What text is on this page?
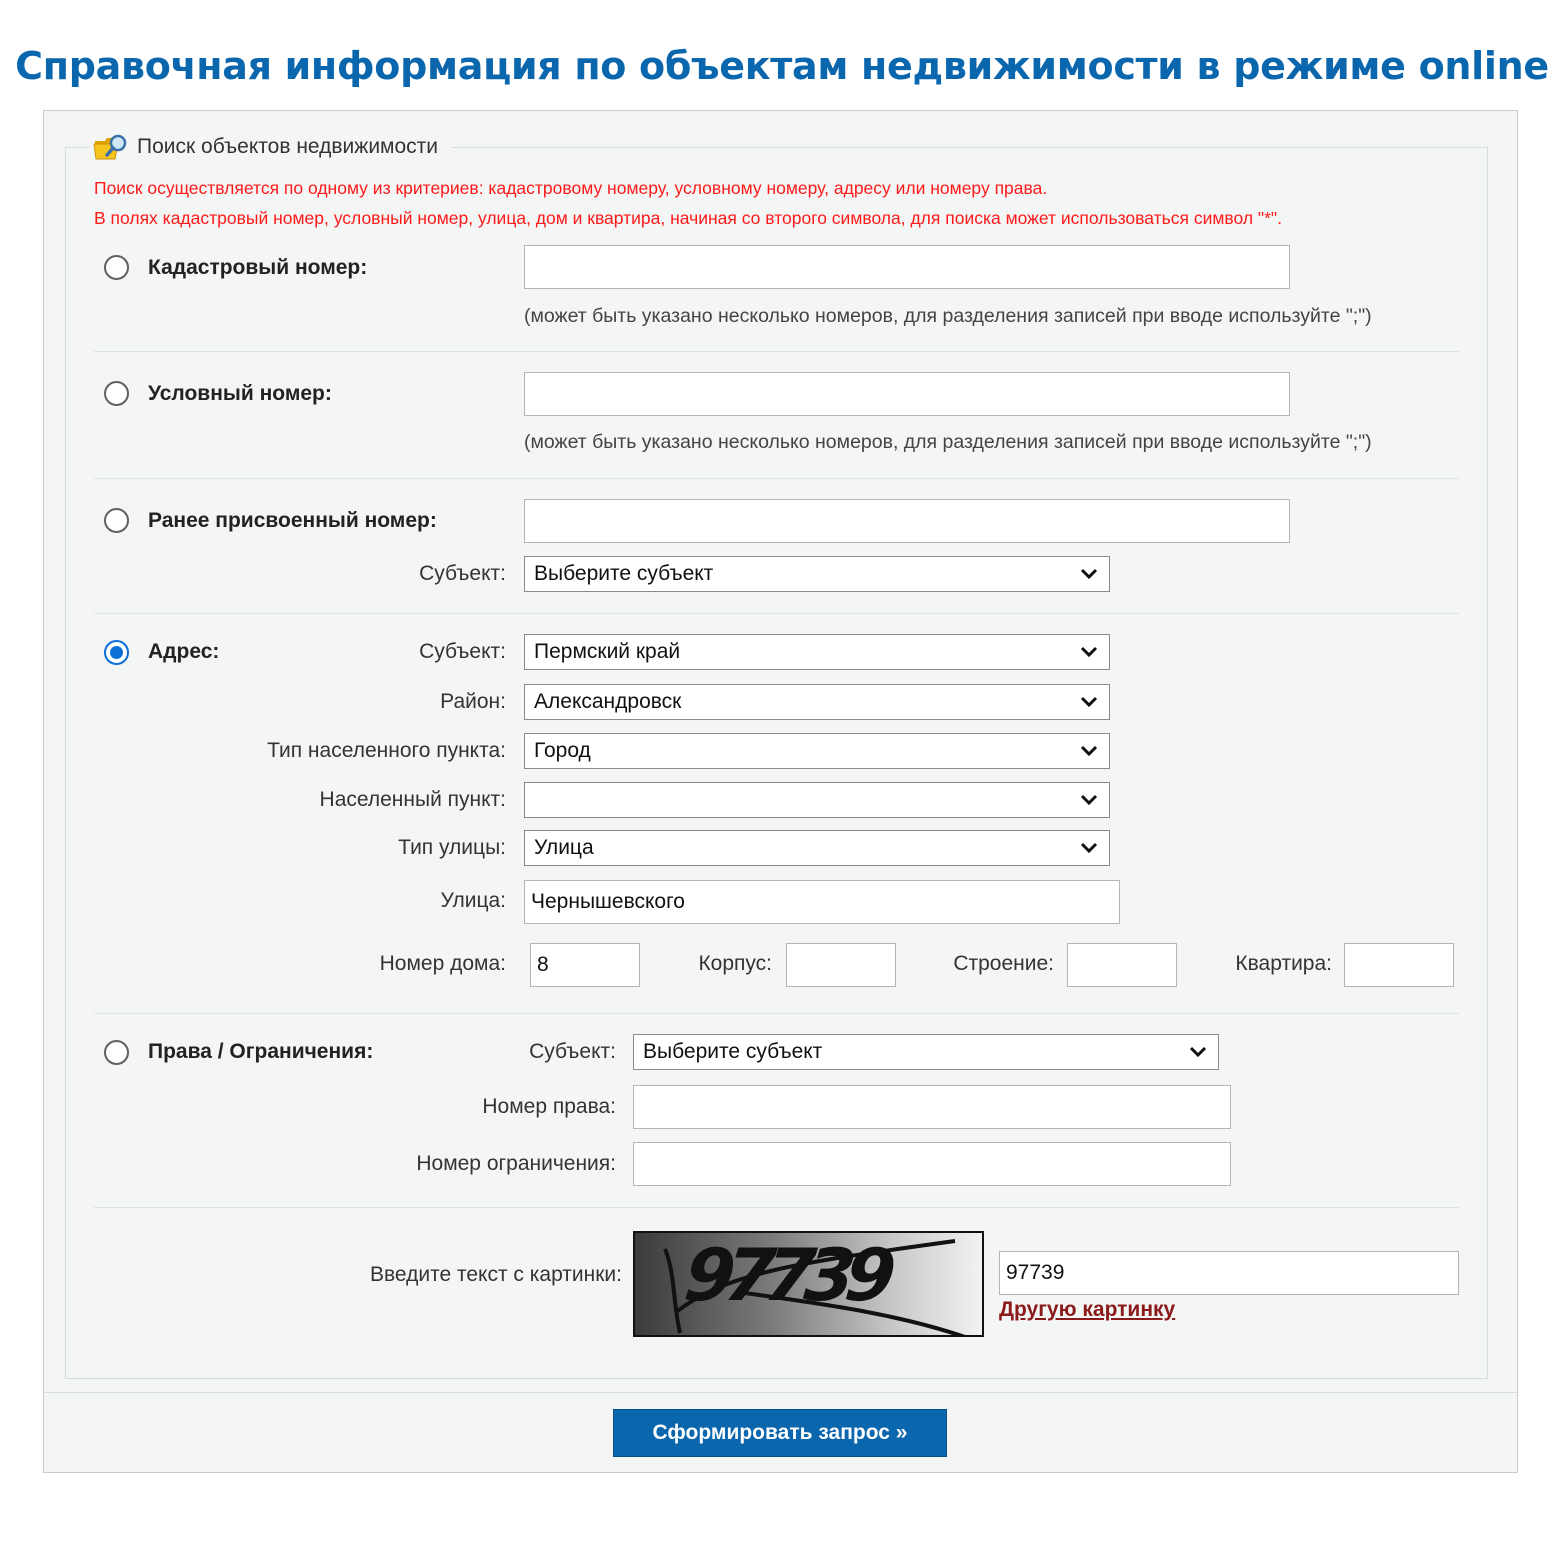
Справочная информация по объектам недвижимости в режиме online
Поиск объектов недвижимости
Поиск осуществляется по одному из критериев: кадастровому номеру, условному номеру, адресу или номеру права.
В полях кадастровый номер, условный номер, улица, дом и квартира, начиная со второго символа, для поиска может использоваться символ "*".
Кадастровый номер:
(может быть указано несколько номеров, для разделения записей при вводе используйте ";")
Условный номер:
(может быть указано несколько номеров, для разделения записей при вводе используйте ";")
Ранее присвоенный номер:
Субъект:	Выберите субъект
Адрес:	Субъект:	Пермский край
Район:	Александровск
Тип населенного пункта:	Город
Населенный пункт:
Тип улицы:	Улица
Улица:
Чернышевского
Номер дома:
8	Корпус:	Строение:	Квартира:
Права / Ограничения:	Субъект:	Выберите субъект
Номер права:
Номер ограничения:
Введите текст с картинки: 97739
97739	Другую картинку
Сформировать запрос »
